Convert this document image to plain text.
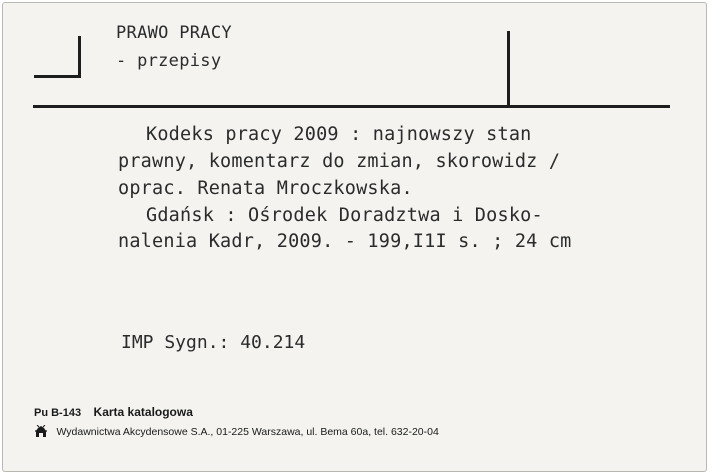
PRAWO PRACY
- przepisy
Kodeks pracy 2009 : najnowszy stan
prawny, komentarz do zmian, skorowidz /
oprac. Renata Mroczkowska.
Gdańsk : Ośrodek Doradztwa i Dosko-
nalenia Kadr, 2009. - 199,I1I s. ; 24 cm
IMP Sygn.: 40.214
Pu B-143 Karta katalogowa
Wydawnictwa Akcydensowe S.A., 01-225 Warszawa, ul. Bema 60a, tel. 632-20-04
